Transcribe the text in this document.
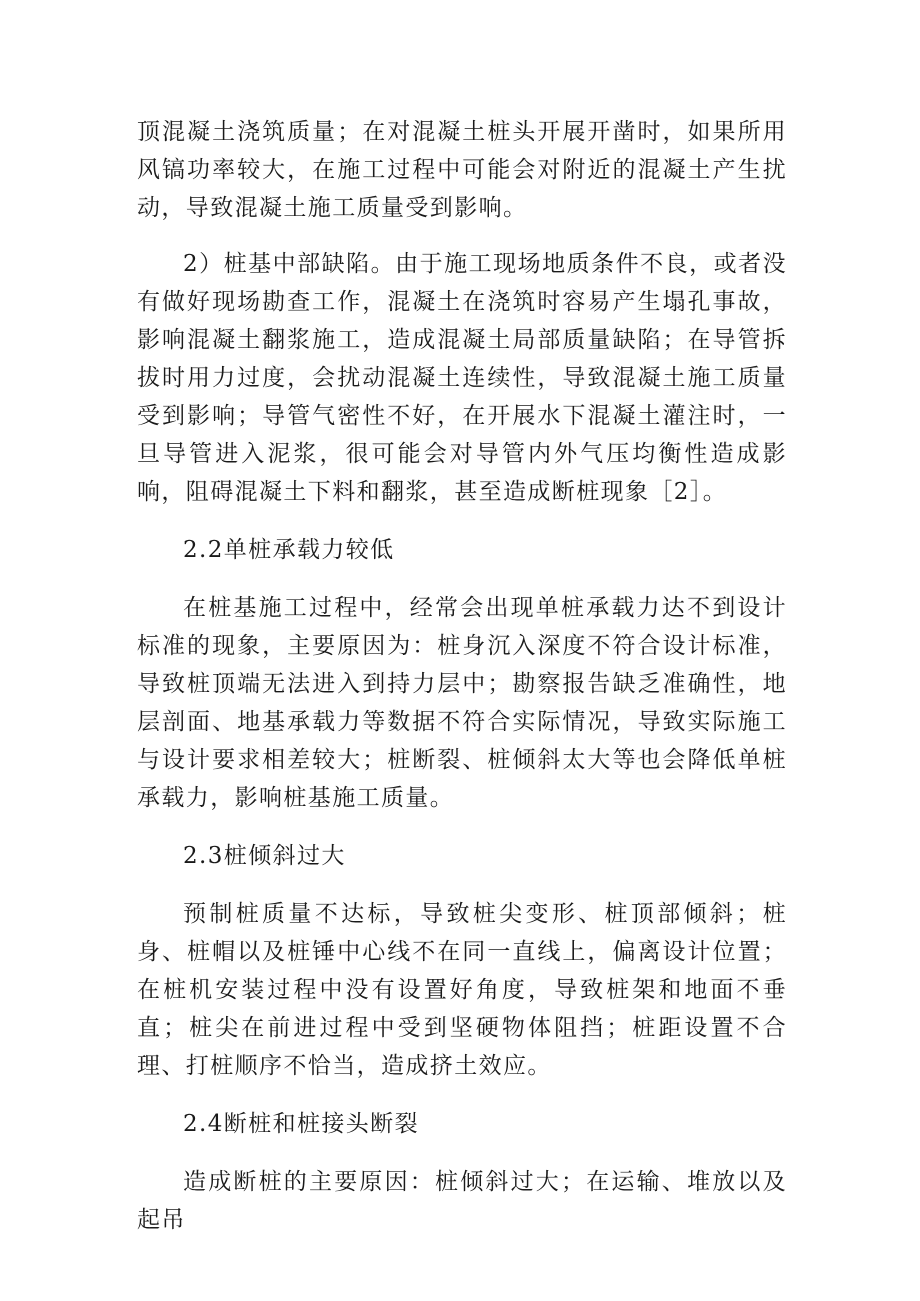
顶混凝土浇筑质量；在对混凝土桩头开展开凿时，如果所用风镐功率较大，在施工过程中可能会对附近的混凝土产生扰动，导致混凝土施工质量受到影响。

2）桩基中部缺陷。由于施工现场地质条件不良，或者没有做好现场勘查工作，混凝土在浇筑时容易产生塌孔事故，影响混凝土翻浆施工，造成混凝土局部质量缺陷；在导管拆拔时用力过度，会扰动混凝土连续性，导致混凝土施工质量受到影响；导管气密性不好，在开展水下混凝土灌注时，一旦导管进入泥浆，很可能会对导管内外气压均衡性造成影响，阻碍混凝土下料和翻浆，甚至造成断桩现象［2］。

2.2单桩承载力较低

在桩基施工过程中，经常会出现单桩承载力达不到设计标准的现象，主要原因为：桩身沉入深度不符合设计标准，导致桩顶端无法进入到持力层中；勘察报告缺乏准确性，地层剖面、地基承载力等数据不符合实际情况，导致实际施工与设计要求相差较大；桩断裂、桩倾斜太大等也会降低单桩承载力，影响桩基施工质量。

2.3桩倾斜过大

预制桩质量不达标，导致桩尖变形、桩顶部倾斜；桩身、桩帽以及桩锤中心线不在同一直线上，偏离设计位置；在桩机安装过程中没有设置好角度，导致桩架和地面不垂直；桩尖在前进过程中受到坚硬物体阻挡；桩距设置不合理、打桩顺序不恰当，造成挤土效应。

2.4断桩和桩接头断裂

造成断桩的主要原因：桩倾斜过大；在运输、堆放以及起吊
